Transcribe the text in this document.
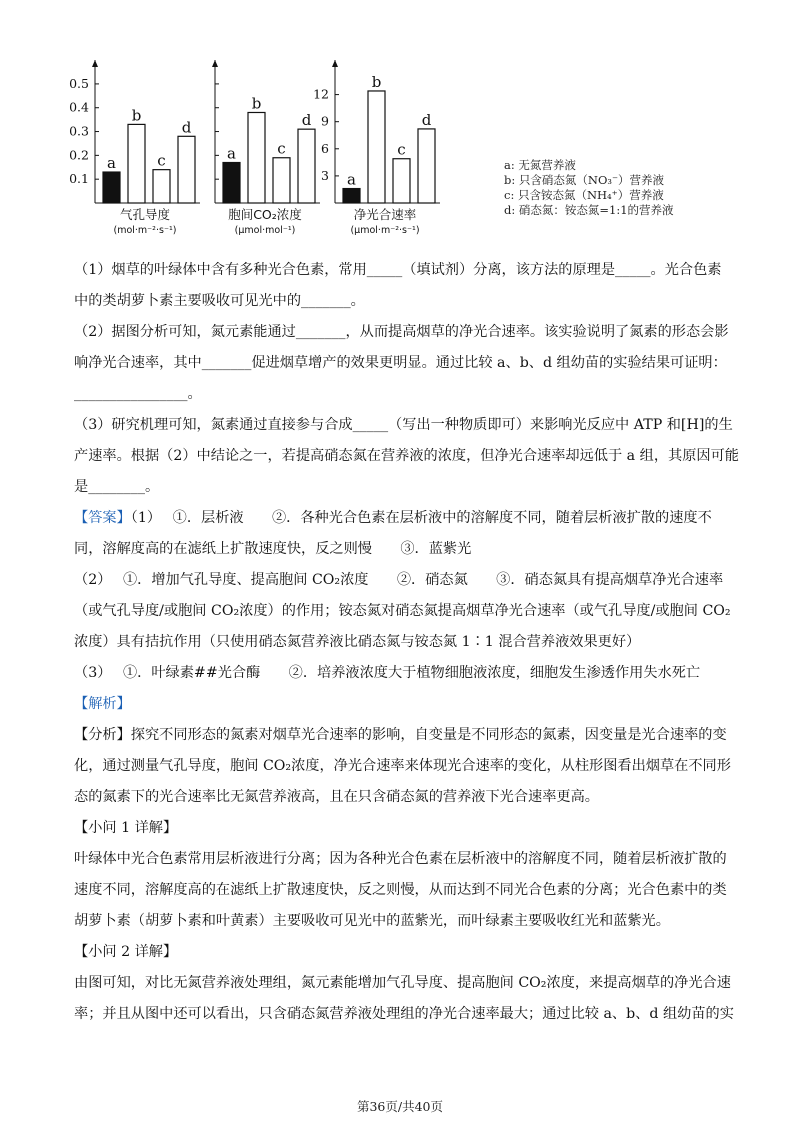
0.1
0.2
0.3
0.4
0.5
a
b
c
d
气孔导度
(mol·m⁻²·s⁻¹)
a
b
c
d
胞间CO₂浓度
(μmol·mol⁻¹)
3
6
9
12
a
b
c
d
净光合速率
(μmol·m⁻²·s⁻¹)
a: 无氮营养液
b: 只含硝态氮（NO₃⁻）营养液
c: 只含铵态氮（NH₄⁺）营养液
d: 硝态氮：铵态氮=1:1的营养液
（1）烟草的叶绿体中含有多种光合色素，常用_____（填试剂）分离，该方法的原理是_____。光合色素
中的类胡萝卜素主要吸收可见光中的_______。
（2）据图分析可知，氮元素能通过_______，从而提高烟草的净光合速率。该实验说明了氮素的形态会影
响净光合速率，其中_______促进烟草增产的效果更明显。通过比较 a、b、d 组幼苗的实验结果可证明：
________________。
（3）研究机理可知，氮素通过直接参与合成_____（写出一种物质即可）来影响光反应中 ATP 和[H]的生
产速率。根据（2）中结论之一，若提高硝态氮在营养液的浓度，但净光合速率却远低于 a 组，其原因可能
是________。
【答案】（1）　 ①．层析液　　②．各种光合色素在层析液中的溶解度不同，随着层析液扩散的速度不
同，溶解度高的在滤纸上扩散速度快，反之则慢　　③．蓝紫光
（2）　 ①．增加气孔导度、提高胞间 CO₂浓度　　②．硝态氮　　③．硝态氮具有提高烟草净光合速率
（或气孔导度/或胞间 CO₂浓度）的作用；铵态氮对硝态氮提高烟草净光合速率（或气孔导度/或胞间 CO₂
浓度）具有拮抗作用（只使用硝态氮营养液比硝态氮与铵态氮 1∶1 混合营养液效果更好）
（3）　 ①．叶绿素##光合酶　　②．培养液浓度大于植物细胞液浓度，细胞发生渗透作用失水死亡
【解析】
【分析】探究不同形态的氮素对烟草光合速率的影响，自变量是不同形态的氮素，因变量是光合速率的变
化，通过测量气孔导度，胞间 CO₂浓度，净光合速率来体现光合速率的变化，从柱形图看出烟草在不同形
态的氮素下的光合速率比无氮营养液高，且在只含硝态氮的营养液下光合速率更高。
【小问 1 详解】
叶绿体中光合色素常用层析液进行分离；因为各种光合色素在层析液中的溶解度不同，随着层析液扩散的
速度不同，溶解度高的在滤纸上扩散速度快，反之则慢，从而达到不同光合色素的分离；光合色素中的类
胡萝卜素（胡萝卜素和叶黄素）主要吸收可见光中的蓝紫光，而叶绿素主要吸收红光和蓝紫光。
【小问 2 详解】
由图可知，对比无氮营养液处理组，氮元素能增加气孔导度、提高胞间 CO₂浓度，来提高烟草的净光合速
率；并且从图中还可以看出，只含硝态氮营养液处理组的净光合速率最大；通过比较 a、b、d 组幼苗的实
第36页/共40页
